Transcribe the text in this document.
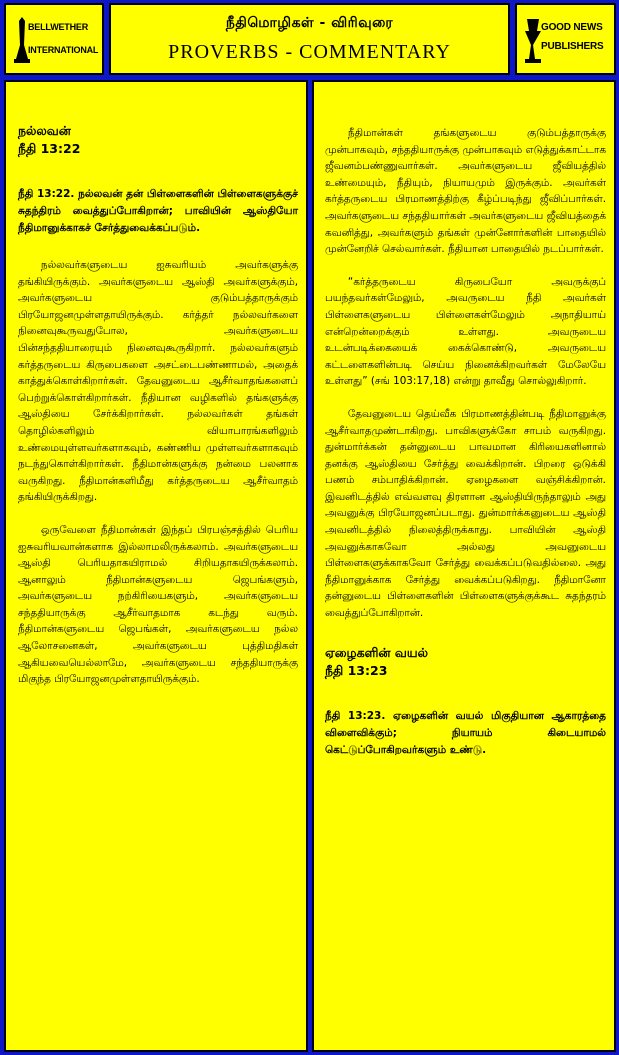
BELLWETHER
INTERNATIONAL
நீதிமொழிகள் - விரிவுரை
PROVERBS - COMMENTARY
GOOD NEWS
PUBLISHERS
நல்லவன்
நீதி 13:22
நீதி 13:22. நல்லவன் தன் பிள்ளைகளின் பிள்ளைகளுக்குச் சுதந்திரம் வைத்துப்போகிறான்; பாவியின் ஆஸ்தியோ நீதிமானுக்காகச் சேர்த்துவைக்கப்படும்.

நல்லவர்களுடைய ஐசுவரியம் அவர்களுக்கு தங்கியிருக்கும். அவர்களுடைய ஆஸ்தி அவர்களுக்கும், அவர்களுடைய குடும்பத்தாருக்கும் பிரயோஜனமுள்ளதாயிருக்கும். கர்த்தர் நல்லவர்களை நினைவுகூருவதுபோல, அவர்களுடைய பின்சந்ததியாரையும் நினைவுகூருகிறார். நல்லவர்களும் கர்த்தருடைய கிருபைகளை அசட்டைபண்ணாமல், அதைக் காத்துக்கொள்கிறார்கள். தேவனுடைய ஆசீர்வாதங்களைப் பெற்றுக்கொள்கிறார்கள். நீதியான வழிகளில் தங்களுக்கு ஆஸ்தியை சேர்க்கிறார்கள். நல்லவர்கள் தங்கள் தொழில்களிலும் வியாபாரங்களிலும் உண்மையுள்ளவர்களாகவும், கண்ணிய முள்ளவர்களாகவும் நடந்துகொள்கிறார்கள். நீதிமான்களுக்கு நன்மை பலனாக வருகிறது. நீதிமான்களிமீது கர்த்தருடைய ஆசீர்வாதம் தங்கியிருக்கிறது.

ஒருவேளை நீதிமான்கள் இந்தப் பிரபஞ்சத்தில் பெரிய ஐசுவரியவான்களாக இல்லாமலிருக்கலாம். அவர்களுடைய ஆஸ்தி பெரியதாகயிராமல் சிறியதாகயிருக்கலாம். ஆனாலும் நீதிமான்களுடைய ஜெபங்களும், அவர்களுடைய நற்கிரியைகளும், அவர்களுடைய சந்ததியாருக்கு ஆசீர்வாதமாக கடந்து வரும். நீதிமான்களுடைய ஜெபங்கள், அவர்களுடைய நல்ல ஆலோசனைகள், அவர்களுடைய புத்திமதிகள் ஆகியவையெல்லாமே, அவர்களுடைய சந்ததியாருக்கு மிகுந்த பிரயோஜனமுள்ளதாயிருக்கும்.

நீதிமான்கள் தங்களுடைய குடும்பத்தாருக்கு முன்பாகவும், சந்ததியாருக்கு முன்பாகவும் எடுத்துக்காட்டாக ஜீவனம்பண்ணுவார்கள். அவர்களுடைய ஜீவியத்தில் உண்மையும், நீதியும், நியாயமும் இருக்கும். அவர்கள் கர்த்தருடைய பிரமாணத்திற்கு கீழ்ப்படிந்து ஜீவிப்பார்கள். அவர்களுடைய சந்ததியார்கள் அவர்களுடைய ஜீவியத்தைக் கவனித்து, அவர்களும் தங்கள் முன்னோர்களின் பாதையில் முன்னேறிச் செல்வார்கள். நீதியான பாதையில் நடப்பார்கள்.

“கர்த்தருடைய கிருபையோ அவருக்குப் பயந்தவர்கள்மேலும், அவருடைய நீதி அவர்கள் பிள்ளைகளுடைய பிள்ளைகள்மேலும் அநாதியாய் என்றென்றைக்கும் உள்ளது. அவருடைய உடன்படிக்கையைக் கைக்கொண்டு, அவருடைய கட்டளைகளின்படி செய்ய நினைக்கிறவர்கள் மேலேயே உள்ளது” (சங் 103:17,18) என்று தாவீது சொல்லுகிறார்.

தேவனுடைய தெய்வீக பிரமாணத்தின்படி நீதிமானுக்கு ஆசீர்வாதமுண்டாகிறது. பாவிகளுக்கோ சாபம் வருகிறது. துன்மார்க்கன் தன்னுடைய பாவமான கிரியைகளினால் தனக்கு ஆஸ்தியை சேர்த்து வைக்கிறான். பிறரை ஒடுக்கி பணம் சம்பாதிக்கிறான். ஏழைகளை வஞ்சிக்கிறான். இவனிடத்தில் எவ்வளவு திரளான ஆஸ்தியிருந்தாலும் அது அவனுக்கு பிரயோஜனப்படாது. துன்மார்க்கனுடைய ஆஸ்தி அவனிடத்தில் நிலைத்திருக்காது. பாவியின் ஆஸ்தி அவனுக்காகவோ அல்லது அவனுடைய பிள்ளைகளுக்காகவோ சேர்த்து வைக்கப்படுவதில்லை. அது நீதிமானுக்காக சேர்த்து வைக்கப்படுகிறது. நீதிமானோ தன்னுடைய பிள்ளைகளின் பிள்ளைகளுக்குக்கூட சுதந்தரம் வைத்துப்போகிறான்.

ஏழைகளின் வயல்
நீதி 13:23
நீதி 13:23. ஏழைகளின் வயல் மிகுதியான ஆகாரத்தை விளைவிக்கும்; நியாயம் கிடையாமல் கெட்டுப்போகிறவர்களும் உண்டு.
